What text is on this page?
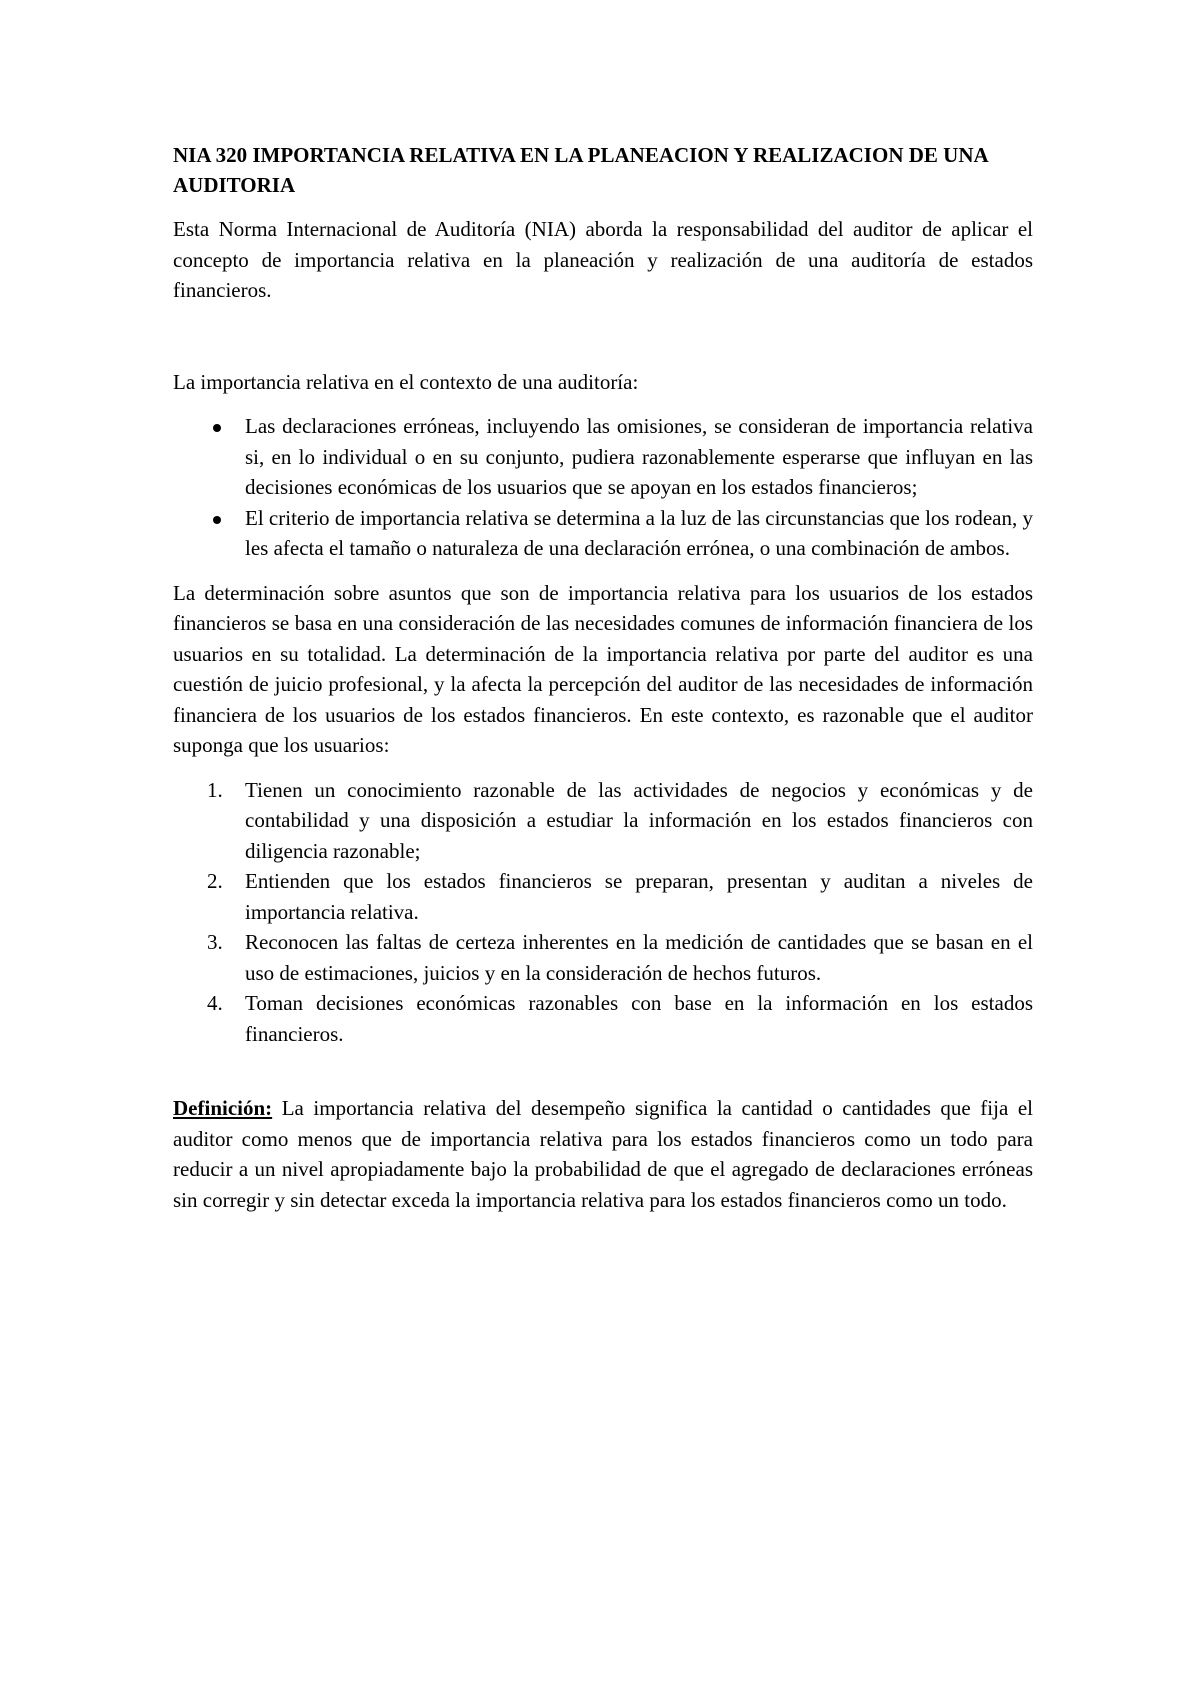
NIA 320 IMPORTANCIA RELATIVA EN LA PLANEACION Y REALIZACION DE UNA AUDITORIA

Esta Norma Internacional de Auditoría (NIA) aborda la responsabilidad del auditor de aplicar el concepto de importancia relativa en la planeación y realización de una auditoría de estados financieros.

La importancia relativa en el contexto de una auditoría:

Las declaraciones erróneas, incluyendo las omisiones, se consideran de importancia relativa si, en lo individual o en su conjunto, pudiera razonablemente esperarse que influyan en las decisiones económicas de los usuarios que se apoyan en los estados financieros;
El criterio de importancia relativa se determina a la luz de las circunstancias que los rodean, y les afecta el tamaño o naturaleza de una declaración errónea, o una combinación de ambos.

La determinación sobre asuntos que son de importancia relativa para los usuarios de los estados financieros se basa en una consideración de las necesidades comunes de información financiera de los usuarios en su totalidad. La determinación de la importancia relativa por parte del auditor es una cuestión de juicio profesional, y la afecta la percepción del auditor de las necesidades de información financiera de los usuarios de los estados financieros. En este contexto, es razonable que el auditor suponga que los usuarios:

1. Tienen un conocimiento razonable de las actividades de negocios y económicas y de contabilidad y una disposición a estudiar la información en los estados financieros con diligencia razonable;
2. Entienden que los estados financieros se preparan, presentan y auditan a niveles de importancia relativa.
3. Reconocen las faltas de certeza inherentes en la medición de cantidades que se basan en el uso de estimaciones, juicios y en la consideración de hechos futuros.
4. Toman decisiones económicas razonables con base en la información en los estados financieros.

Definición: La importancia relativa del desempeño significa la cantidad o cantidades que fija el auditor como menos que de importancia relativa para los estados financieros como un todo para reducir a un nivel apropiadamente bajo la probabilidad de que el agregado de declaraciones erróneas sin corregir y sin detectar exceda la importancia relativa para los estados financieros como un todo.
